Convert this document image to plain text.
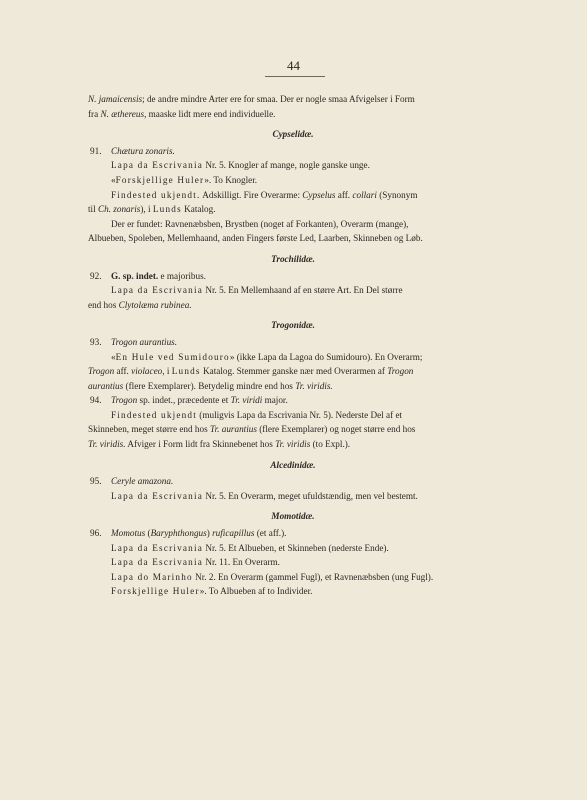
44
N. jamaicensis; de andre mindre Arter ere for smaa. Der er nogle smaa Afvigelser i Form
fra N. æthereus, maaske lidt mere end individuelle.
Cypselidæ.
91. Chætura zonaris.
Lapa da Escrivania Nr. 5. Knogler af mange, nogle ganske unge.
«Forskjellige Huler». To Knogler.
Findested ukjendt. Adskilligt. Fire Overarme: Cypselus aff. collari (Synonym
til Ch. zonaris), i Lunds Katalog.
Der er fundet: Ravnenæbsben, Brystben (noget af Forkanten), Overarm (mange),
Albueben, Spoleben, Mellemhaand, anden Fingers første Led, Laarben, Skinneben og Løb.
Trochilidæ.
92. G. sp. indet. e majoribus.
Lapa da Escrivania Nr. 5. En Mellemhaand af en større Art. En Del større
end hos Clytolæma rubinea.
Trogonidæ.
93. Trogon aurantius.
«En Hule ved Sumidouro» (ikke Lapa da Lagoa do Sumidouro). En Overarm;
Trogon aff. violaceo, i Lunds Katalog. Stemmer ganske nær med Overarmen af Trogon
aurantius (flere Exemplarer). Betydelig mindre end hos Tr. viridis.
94. Trogon sp. indet., præcedente et Tr. viridi major.
Findested ukjendt (muligvis Lapa da Escrivania Nr. 5). Nederste Del af et
Skinneben, meget større end hos Tr. aurantius (flere Exemplarer) og noget større end hos
Tr. viridis. Afviger i Form lidt fra Skinnebenet hos Tr. viridis (to Expl.).
Alcedinidæ.
95. Ceryle amazona.
Lapa da Escrivania Nr. 5. En Overarm, meget ufuldstændig, men vel bestemt.
Momotidæ.
96. Momotus (Baryphthongus) ruficapillus (et aff.).
Lapa da Escrivania Nr. 5. Et Albueben, et Skinneben (nederste Ende).
Lapa da Escrivania Nr. 11. En Overarm.
Lapa do Marinho Nr. 2. En Overarm (gammel Fugl), et Ravnenæbsben (ung Fugl).
Forskjellige Huler». To Albueben af to Individer.
